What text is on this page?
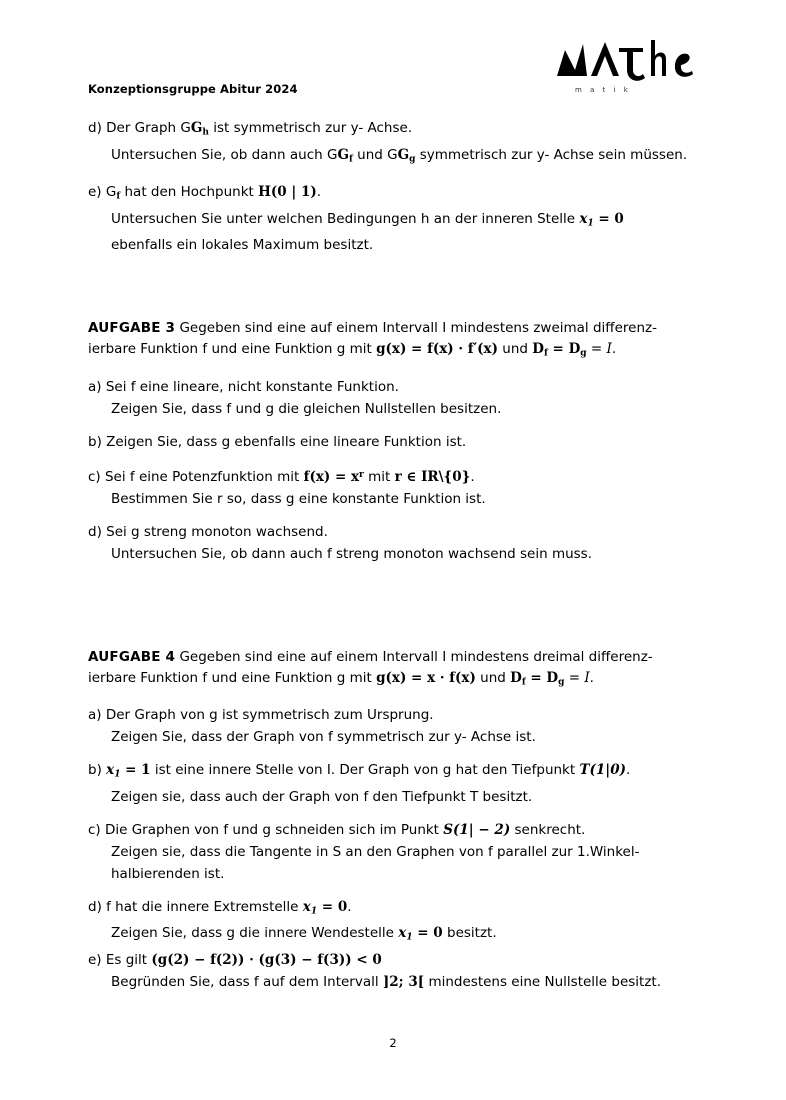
Konzeptionsgruppe Abitur 2024	m a t i k

d) Der Graph $GG_h$ ist symmetrisch zur y- Achse.

Untersuchen Sie, ob dann auch $GG_f$ und $GG_g$ symmetrisch zur y- Achse sein müssen.

e) $G_f$ hat den Hochpunkt H(0 | 1).

Untersuchen Sie unter welchen Bedingungen h an der inneren Stelle $x_1 = 0$

ebenfalls ein lokales Maximum besitzt.

AUFGABE 3 Gegeben sind eine auf einem Intervall I mindestens zweimal differenz-

ierbare Funktion f und eine Funktion g mit g(x) = f(x) · f′(x) und $D_f = D_g = I$.

a) Sei f eine lineare, nicht konstante Funktion.

Zeigen Sie, dass f und g die gleichen Nullstellen besitzen.

b) Zeigen Sie, dass g ebenfalls eine lineare Funktion ist.

c) Sei f eine Potenzfunktion mit $f(x) = x^r$ mit r ∈ IR\{0}.

Bestimmen Sie r so, dass g eine konstante Funktion ist.

d) Sei g streng monoton wachsend.

Untersuchen Sie, ob dann auch f streng monoton wachsend sein muss.

AUFGABE 4 Gegeben sind eine auf einem Intervall I mindestens dreimal differenz-

ierbare Funktion f und eine Funktion g mit g(x) = x · f(x) und $D_f = D_g = I$.

a) Der Graph von g ist symmetrisch zum Ursprung.

Zeigen Sie, dass der Graph von f symmetrisch zur y- Achse ist.

b) $x_1 = 1$ ist eine innere Stelle von I. Der Graph von g hat den Tiefpunkt T(1|0).

Zeigen sie, dass auch der Graph von f den Tiefpunkt T besitzt.

c) Die Graphen von f und g schneiden sich im Punkt S(1| − 2) senkrecht.

Zeigen sie, dass die Tangente in S an den Graphen von f parallel zur 1.Winkel-

halbierenden ist.

d) f hat die innere Extremstelle $x_1 = 0$.

Zeigen Sie, dass g die innere Wendestelle $x_1 = 0$ besitzt.

e) Es gilt (g(2) − f(2)) · (g(3) − f(3)) < 0

Begründen Sie, dass f auf dem Intervall ]2; 3[ mindestens eine Nullstelle besitzt.

2
